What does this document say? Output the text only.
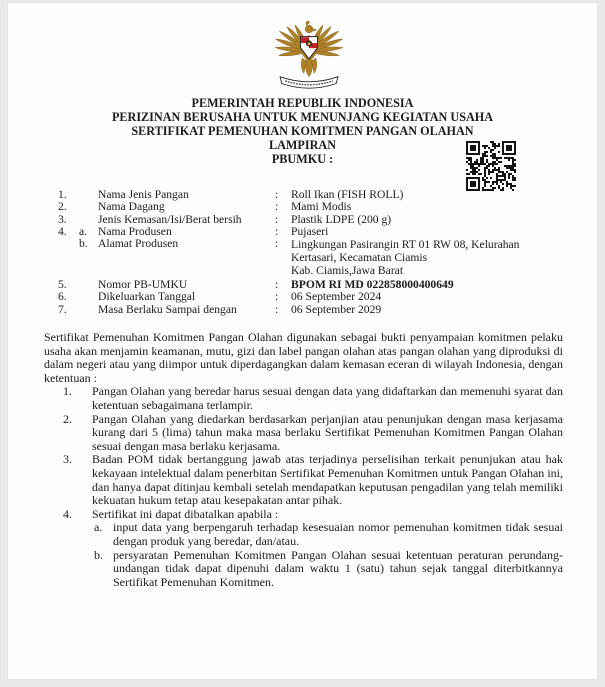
PEMERINTAH REPUBLIK INDONESIA
PERIZINAN BERUSAHA UNTUK MENUNJANG KEGIATAN USAHA
SERTIFIKAT PEMENUHAN KOMITMEN PANGAN OLAHAN
LAMPIRAN
PBUMKU :
1.	Nama Jenis Pangan	:	Roll Ikan (FISH ROLL)
2.	Nama Dagang	:	Mami Modis
3.	Jenis Kemasan/Isi/Berat bersih	:	Plastik LDPE (200 g)
4.	a. Nama Produsen	:	Pujaseri
b. Alamat Produsen	:	Lingkungan Pasirangin RT 01 RW 08, Kelurahan
Kertasari, Kecamatan Ciamis
Kab. Ciamis,Jawa Barat
5.	Nomor PB-UMKU	:	BPOM RI MD 022858000400649
6.	Dikeluarkan Tanggal	:	06 September 2024
7.	Masa Berlaku Sampai dengan	:	06 September 2029

Sertifikat Pemenuhan Komitmen Pangan Olahan digunakan sebagai bukti penyampaian komitmen pelaku usaha akan menjamin keamanan, mutu, gizi dan label pangan olahan atas pangan olahan yang diproduksi di dalam negeri atau yang diimpor untuk diperdagangkan dalam kemasan eceran di wilayah Indonesia, dengan ketentuan :

1.	Pangan Olahan yang beredar harus sesuai dengan data yang didaftarkan dan memenuhi syarat dan ketentuan sebagaimana terlampir.
2.	Pangan Olahan yang diedarkan berdasarkan perjanjian atau penunjukan dengan masa kerjasama kurang dari 5 (lima) tahun maka masa berlaku Sertifikat Pemenuhan Komitmen Pangan Olahan sesuai dengan masa berlaku kerjasama.
3.	Badan POM tidak bertanggung jawab atas terjadinya perselisihan terkait penunjukan atau hak kekayaan intelektual dalam penerbitan Sertifikat Pemenuhan Komitmen untuk Pangan Olahan ini, dan hanya dapat ditinjau kembali setelah mendapatkan keputusan pengadilan yang telah memiliki kekuatan hukum tetap atau kesepakatan antar pihak.
4.	Sertifikat ini dapat dibatalkan apabila :
a. input data yang berpengaruh terhadap kesesuaian nomor pemenuhan komitmen tidak sesuai dengan produk yang beredar, dan/atau.
b. persyaratan Pemenuhan Komitmen Pangan Olahan sesuai ketentuan peraturan perundang-undangan tidak dapat dipenuhi dalam waktu 1 (satu) tahun sejak tanggal diterbitkannya Sertifikat Pemenuhan Komitmen.
